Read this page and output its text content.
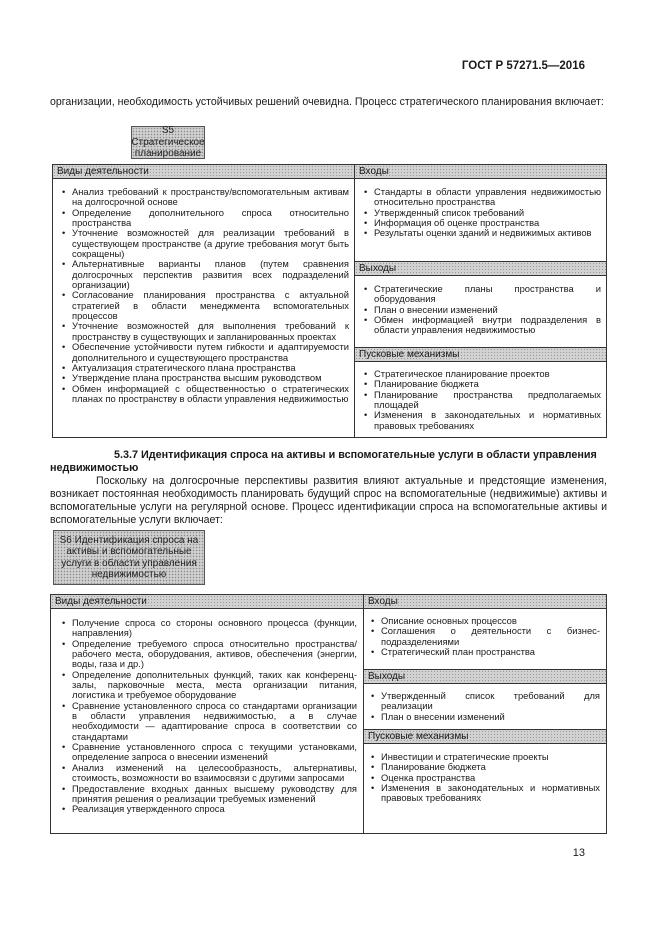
ГОСТ Р 57271.5—2016

организации, необходимость устойчивых решений очевидна. Процесс стратегического планирования включает:

S5 Стратегическое планирование
Виды деятельности	Входы
Выходы
Пусковые механизмы
• Анализ требований к пространству/вспомогательным активам на долгосрочной основе
• Определение дополнительного спроса относительно пространства
• Уточнение возможностей для реализации требований в существующем пространстве (а другие требования могут быть сокращены)
• Альтернативные варианты планов (путем сравнения долгосрочных перспектив развития всех подразделений организации)
• Согласование планирования пространства с актуальной стратегией в области менеджмента вспомогательных процессов
• Уточнение возможностей для выполнения требований к пространству в существующих и запланированных проектах
• Обеспечение устойчивости путем гибкости и адаптируемости дополнительного и существующего пространства
• Актуализация стратегического плана пространства
• Утверждение плана пространства высшим руководством
• Обмен информацией с общественностью о стратегических планах по пространству в области управления недвижимостью
• Стандарты в области управления недвижимостью относительно пространства
• Утвержденный список требований
• Информация об оценке пространства
• Результаты оценки зданий и недвижимых активов
• Стратегические планы пространства и оборудования
• План о внесении изменений
• Обмен информацией внутри подразделения в области управления недвижимостью
• Стратегическое планирование проектов
• Планирование бюджета
• Планирование пространства предполагаемых площадей
• Изменения в законодательных и нормативных правовых требованиях

5.3.7 Идентификация спроса на активы и вспомогательные услуги в области управления недвижимостью

Поскольку на долгосрочные перспективы развития влияют актуальные и предстоящие изменения, возникает постоянная необходимость планировать будущий спрос на вспомогательные (недвижимые) активы и вспомогательные услуги на регулярной основе. Процесс идентификации спроса на вспомогательные активы и вспомогательные услуги включает:

S6 Идентификация спроса на активы и вспомогательные услуги в области управления недвижимостью
Виды деятельности	Входы
Выходы
Пусковые механизмы
• Получение спроса со стороны основного процесса (функции, направления)
• Определение требуемого спроса относительно пространства/рабочего места, оборудования, активов, обеспечения (энергии, воды, газа и др.)
• Определение дополнительных функций, таких как конференц-залы, парковочные места, места организации питания, логистика и требуемое оборудование
• Сравнение установленного спроса со стандартами организации в области управления недвижимостью, а в случае необходимости — адаптирование спроса в соответствии со стандартами
• Сравнение установленного спроса с текущими установками, определение запроса о внесении изменений
• Анализ изменений на целесообразность, альтернативы, стоимость, возможности во взаимосвязи с другими запросами
• Предоставление входных данных высшему руководству для принятия решения о реализации требуемых изменений
• Реализация утвержденного спроса
• Описание основных процессов
• Соглашения о деятельности с бизнес-подразделениями
• Стратегический план пространства
• Утвержденный список требований для реализации
• План о внесении изменений
• Инвестиции и стратегические проекты
• Планирование бюджета
• Оценка пространства
• Изменения в законодательных и нормативных правовых требованиях
13
